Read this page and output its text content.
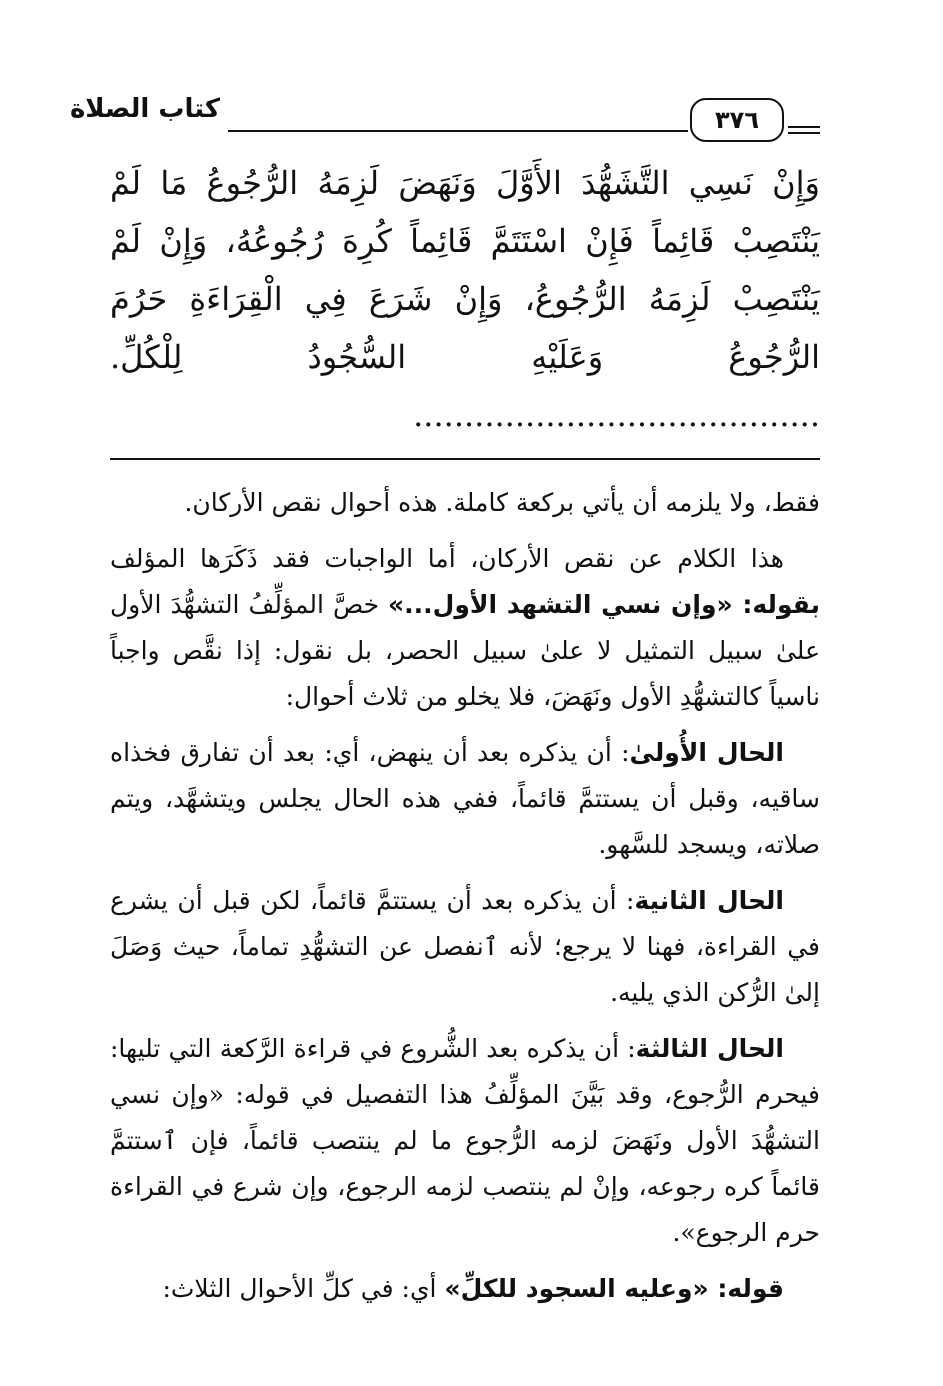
٣٧٦
كتاب الصلاة
وَإِنْ نَسِي التَّشَهُّدَ الأَوَّلَ وَنَهَضَ لَزِمَهُ الرُّجُوعُ مَا لَمْ يَنْتَصِبْ قَائِماً فَإِنْ اسْتَتَمَّ قَائِماً كُرِهَ رُجُوعُهُ، وَإِنْ لَمْ يَنْتَصِبْ لَزِمَهُ الرُّجُوعُ، وَإِنْ شَرَعَ فِي الْقِرَاءَةِ حَرُمَ الرُّجُوعُ وَعَلَيْهِ السُّجُودُ لِلْكُلِّ. ........................................

فقط، ولا يلزمه أن يأتي بركعة كاملة. هذه أحوال نقص الأركان.

هذا الكلام عن نقص الأركان، أما الواجبات فقد ذَكَرَها المؤلف بقوله: «وإن نسي التشهد الأول...» خصَّ المؤلِّفُ التشهُّدَ الأول علىٰ سبيل التمثيل لا علىٰ سبيل الحصر، بل نقول: إذا نقَّص واجباً ناسياً كالتشهُّدِ الأول ونَهَضَ، فلا يخلو من ثلاث أحوال:

الحال الأُولىٰ: أن يذكره بعد أن ينهض، أي: بعد أن تفارق فخذاه ساقيه، وقبل أن يستتمَّ قائماً، ففي هذه الحال يجلس ويتشهَّد، ويتم صلاته، ويسجد للسَّهو.

الحال الثانية: أن يذكره بعد أن يستتمَّ قائماً، لكن قبل أن يشرع في القراءة، فهنا لا يرجع؛ لأنه ٱنفصل عن التشهُّدِ تماماً، حيث وَصَلَ إلىٰ الرُّكن الذي يليه.

الحال الثالثة: أن يذكره بعد الشُّروع في قراءة الرَّكعة التي تليها: فيحرم الرُّجوع، وقد بَيَّنَ المؤلِّفُ هذا التفصيل في قوله: «وإن نسي التشهُّدَ الأول ونَهَضَ لزمه الرُّجوع ما لم ينتصب قائماً، فإن ٱستتمَّ قائماً كره رجوعه، وإنْ لم ينتصب لزمه الرجوع، وإن شرع في القراءة حرم الرجوع».

قوله: «وعليه السجود للكلِّ» أي: في كلِّ الأحوال الثلاث:
